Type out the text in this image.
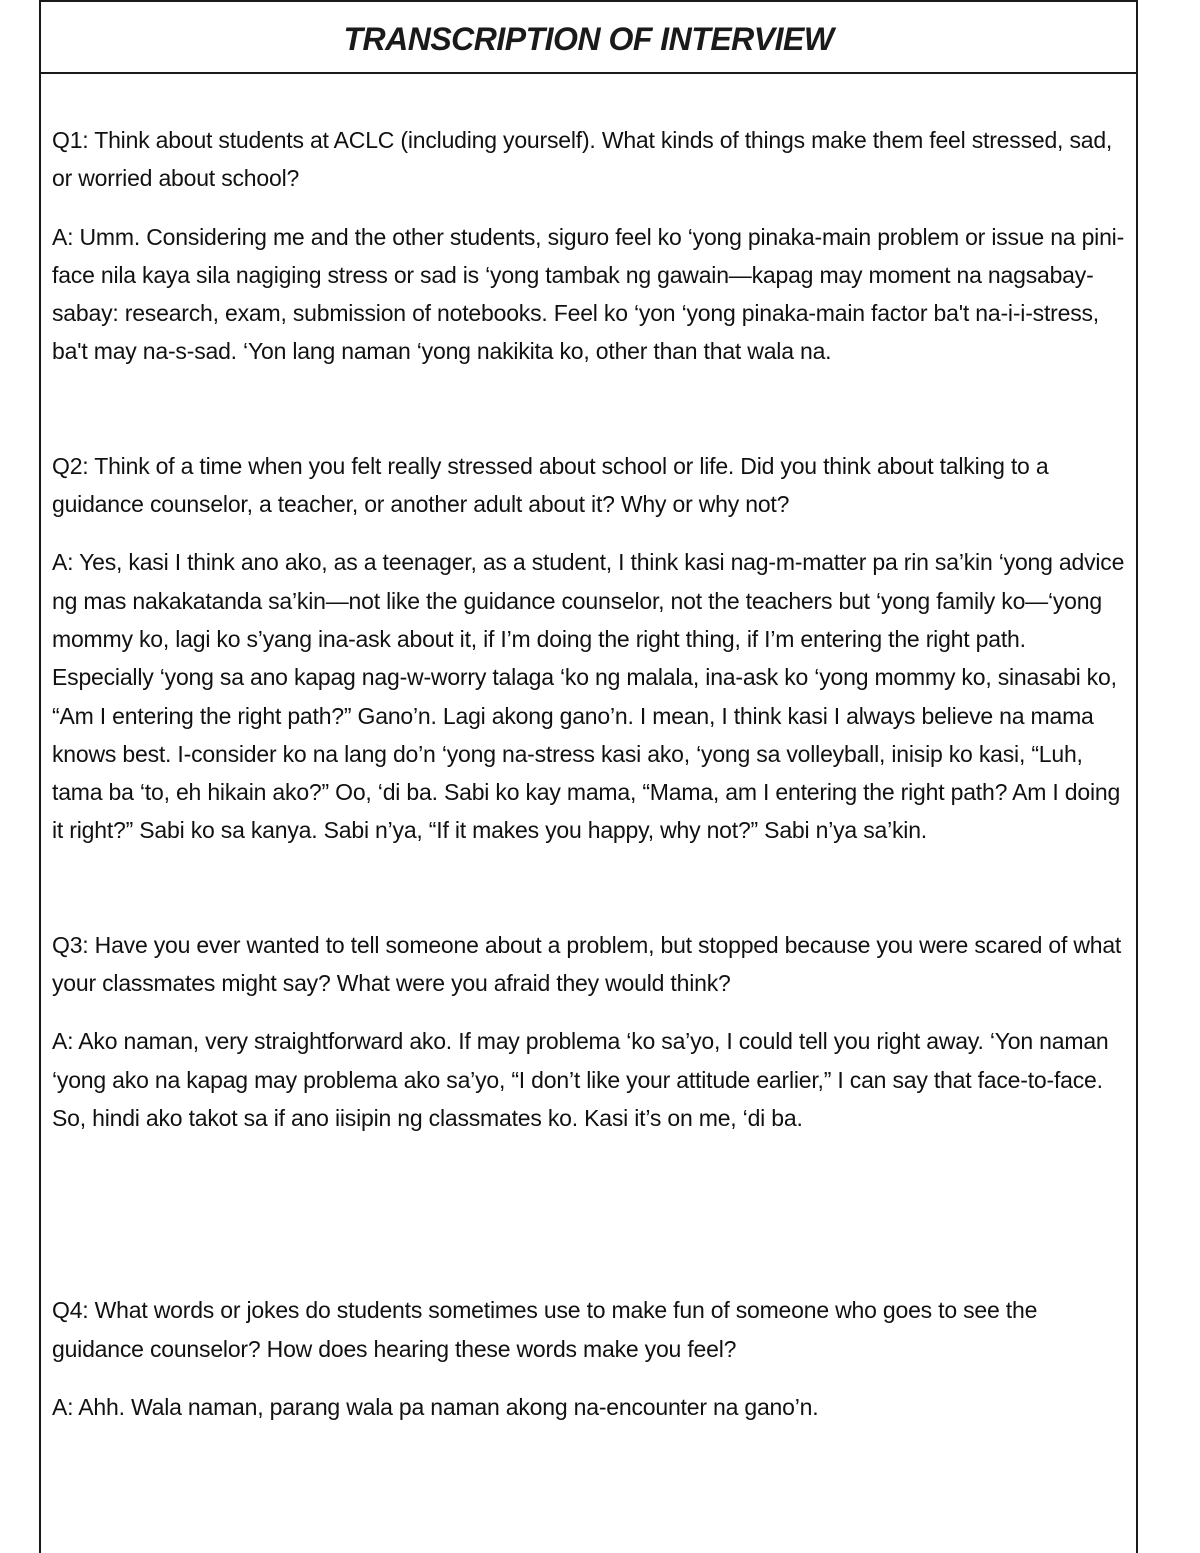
TRANSCRIPTION OF INTERVIEW

Q1: Think about students at ACLC (including yourself). What kinds of things make them feel stressed, sad, or worried about school?

A: Umm. Considering me and the other students, siguro feel ko ‘yong pinaka-main problem or issue na pini-face nila kaya sila nagiging stress or sad is ‘yong tambak ng gawain—kapag may moment na nagsabay-sabay: research, exam, submission of notebooks. Feel ko ‘yon ‘yong pinaka-main factor ba't na-i-i-stress, ba't may na-s-sad. ‘Yon lang naman ‘yong nakikita ko, other than that wala na.

Q2: Think of a time when you felt really stressed about school or life. Did you think about talking to a guidance counselor, a teacher, or another adult about it? Why or why not?

A: Yes, kasi I think ano ako, as a teenager, as a student, I think kasi nag-m-matter pa rin sa’kin ‘yong advice ng mas nakakatanda sa’kin—not like the guidance counselor, not the teachers but ‘yong family ko—‘yong mommy ko, lagi ko s’yang ina-ask about it, if I’m doing the right thing, if I’m entering the right path. Especially ‘yong sa ano kapag nag-w-worry talaga ‘ko ng malala, ina-ask ko ‘yong mommy ko, sinasabi ko, “Am I entering the right path?” Gano’n. Lagi akong gano’n. I mean, I think kasi I always believe na mama knows best. I-consider ko na lang do’n ‘yong na-stress kasi ako, ‘yong sa volleyball, inisip ko kasi, “Luh, tama ba ‘to, eh hikain ako?” Oo, ‘di ba. Sabi ko kay mama, “Mama, am I entering the right path? Am I doing it right?” Sabi ko sa kanya. Sabi n’ya, “If it makes you happy, why not?” Sabi n’ya sa’kin.

Q3: Have you ever wanted to tell someone about a problem, but stopped because you were scared of what your classmates might say? What were you afraid they would think?

A: Ako naman, very straightforward ako. If may problema ‘ko sa’yo, I could tell you right away. ‘Yon naman ‘yong ako na kapag may problema ako sa’yo, “I don’t like your attitude earlier,” I can say that face-to-face. So, hindi ako takot sa if ano iisipin ng classmates ko. Kasi it’s on me, ‘di ba.

Q4: What words or jokes do students sometimes use to make fun of someone who goes to see the guidance counselor? How does hearing these words make you feel?

A: Ahh. Wala naman, parang wala pa naman akong na-encounter na gano’n.
